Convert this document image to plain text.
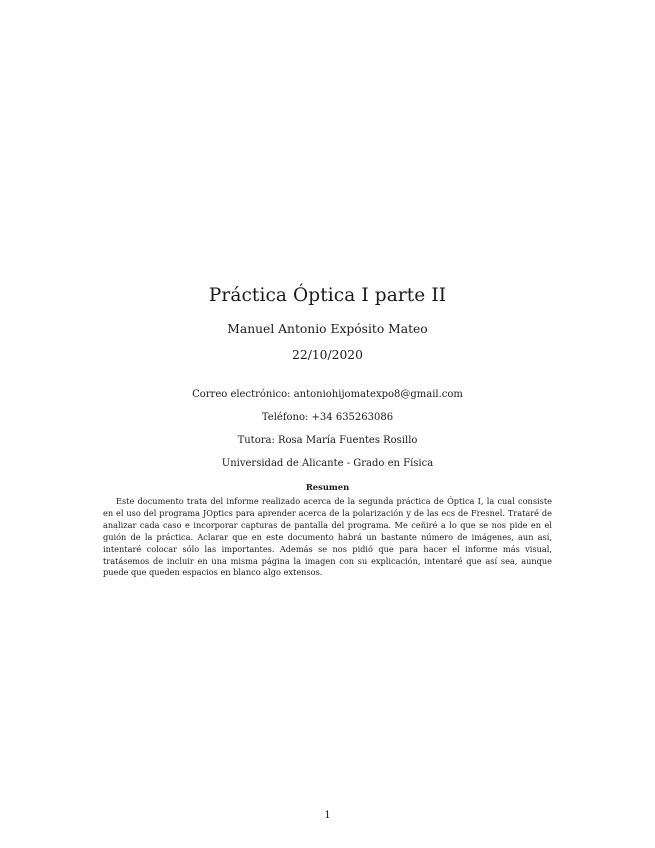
Práctica Óptica I parte II
Manuel Antonio Expósito Mateo
22/10/2020
Correo electrónico: antoniohijomatexpo8@gmail.com
Teléfono: +34 635263086
Tutora: Rosa María Fuentes Rosillo
Universidad de Alicante - Grado en Física
Resumen
Este documento trata del informe realizado acerca de la segunda práctica de Óptica I, la cual consiste en el uso del programa JOptics para aprender acerca de la polarización y de las ecs de Fresnel. Trataré de analizar cada caso e incorporar capturas de pantalla del programa. Me ceñiré a lo que se nos pide en el guión de la práctica. Aclarar que en este documento habrá un bastante número de imágenes, aun así, intentaré colocar sólo las importantes. Además se nos pidió que para hacer el informe más visual, tratásemos de incluir en una misma página la imagen con su explicación, intentaré que así sea, aunque puede que queden espacios en blanco algo extensos.
1
